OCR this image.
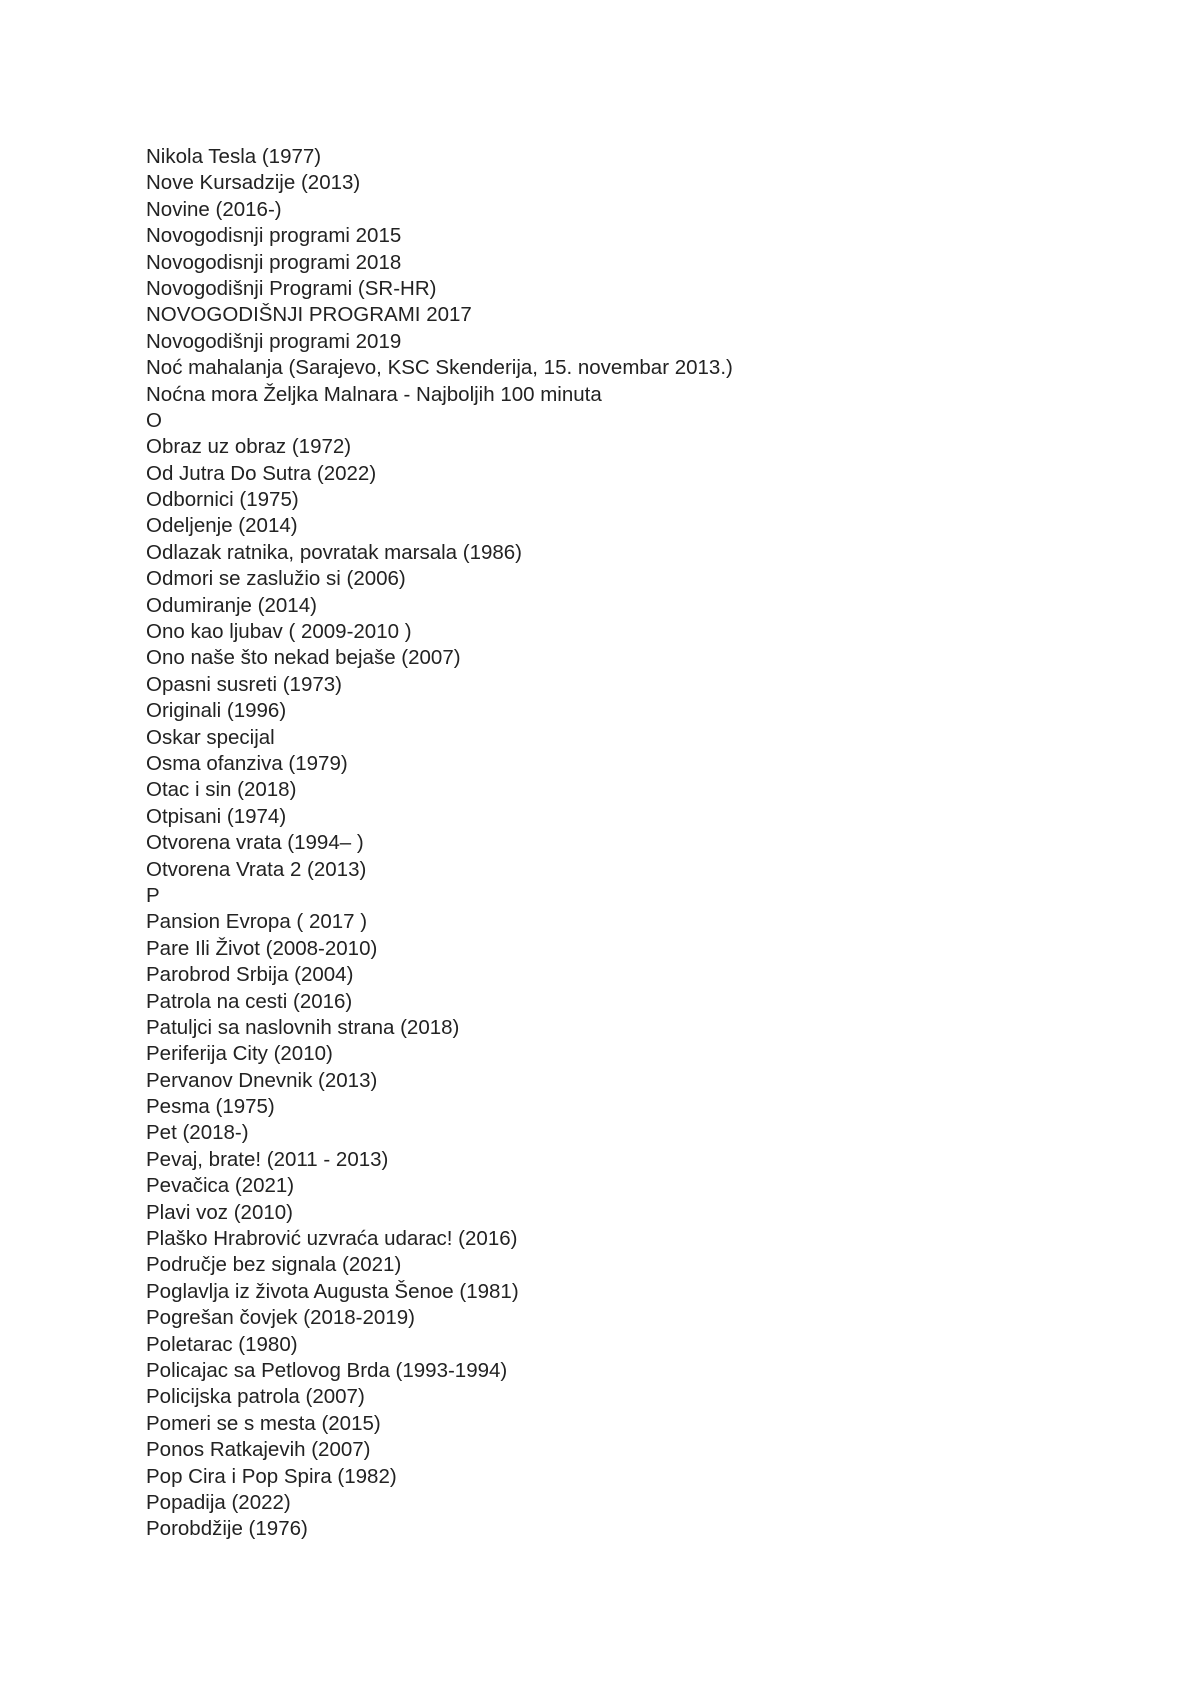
Nikola Tesla (1977)
Nove Kursadzije (2013)
Novine (2016-)
Novogodisnji programi 2015
Novogodisnji programi 2018
Novogodišnji Programi (SR-HR)
NOVOGODIŠNJI PROGRAMI 2017
Novogodišnji programi 2019
Noć mahalanja (Sarajevo, KSC Skenderija, 15. novembar 2013.)
Noćna mora Željka Malnara - Najboljih 100 minuta
O
Obraz uz obraz (1972)
Od Jutra Do Sutra (2022)
Odbornici (1975)
Odeljenje (2014)
Odlazak ratnika, povratak marsala (1986)
Odmori se zaslužio si (2006)
Odumiranje (2014)
Ono kao ljubav ( 2009-2010 )
Ono naše što nekad bejaše (2007)
Opasni susreti (1973)
Originali (1996)
Oskar specijal
Osma ofanziva (1979)
Otac i sin (2018)
Otpisani (1974)
Otvorena vrata (1994– )
Otvorena Vrata 2 (2013)
P
Pansion Evropa ( 2017 )
Pare Ili Život (2008-2010)
Parobrod Srbija (2004)
Patrola na cesti (2016)
Patuljci sa naslovnih strana (2018)
Periferija City (2010)
Pervanov Dnevnik (2013)
Pesma (1975)
Pet (2018-)
Pevaj, brate! (2011 - 2013)
Pevačica (2021)
Plavi voz (2010)
Plaško Hrabrović uzvraća udarac! (2016)
Područje bez signala (2021)
Poglavlja iz života Augusta Šenoe (1981)
Pogrešan čovjek (2018-2019)
Poletarac (1980)
Policajac sa Petlovog Brda (1993-1994)
Policijska patrola (2007)
Pomeri se s mesta (2015)
Ponos Ratkajevih (2007)
Pop Cira i Pop Spira (1982)
Popadija (2022)
Porobdžije (1976)
